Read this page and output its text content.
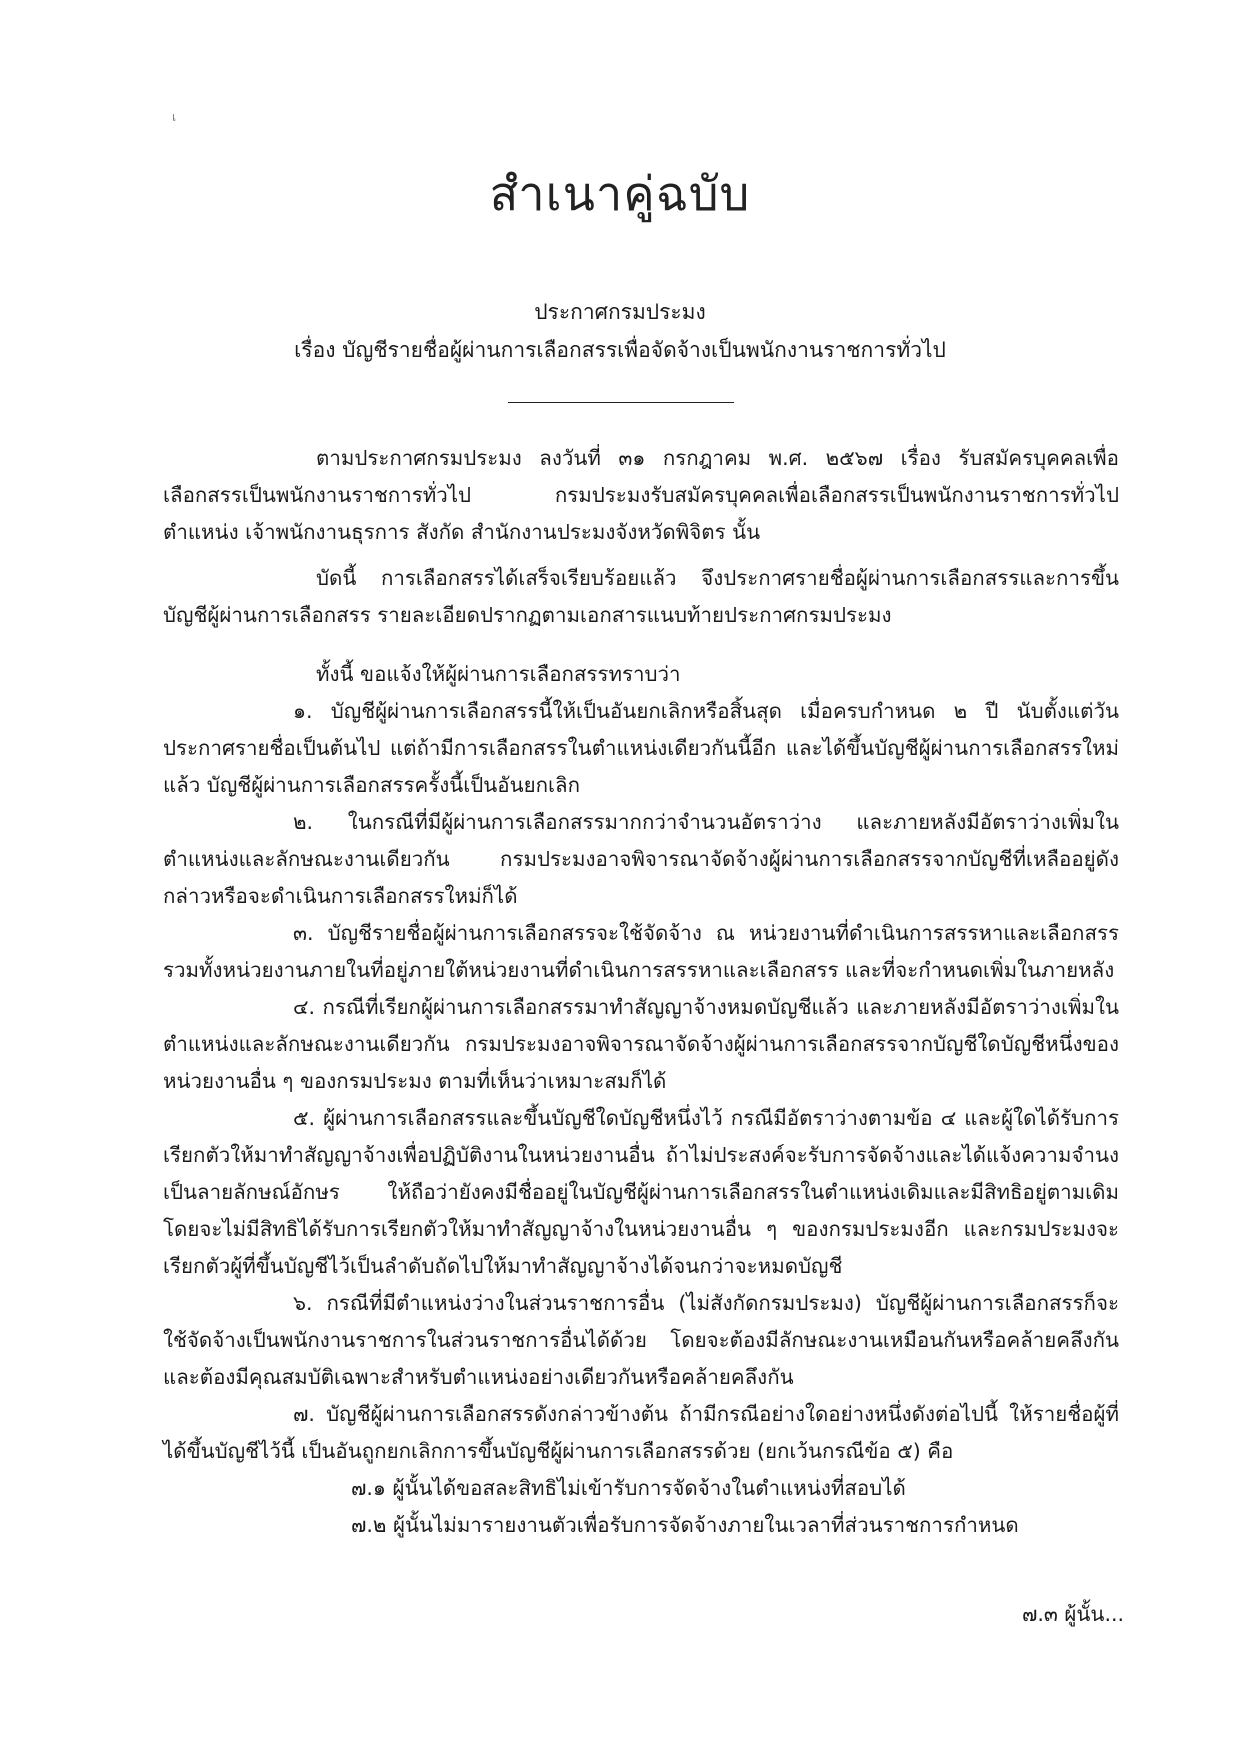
เ
สำเนาคู่ฉบับ
ประกาศกรมประมง
เรื่อง บัญชีรายชื่อผู้ผ่านการเลือกสรรเพื่อจัดจ้างเป็นพนักงานราชการทั่วไป

ตามประกาศกรมประมง ลงวันที่ ๓๑ กรกฎาคม พ.ศ. ๒๕๖๗ เรื่อง รับสมัครบุคคลเพื่อเลือกสรรเป็นพนักงานราชการทั่วไป กรมประมงรับสมัครบุคคลเพื่อเลือกสรรเป็นพนักงานราชการทั่วไป ตำแหน่ง เจ้าพนักงานธุรการ สังกัด สำนักงานประมงจังหวัดพิจิตร นั้น

บัดนี้ การเลือกสรรได้เสร็จเรียบร้อยแล้ว จึงประกาศรายชื่อผู้ผ่านการเลือกสรรและการขึ้นบัญชีผู้ผ่านการเลือกสรร รายละเอียดปรากฏตามเอกสารแนบท้ายประกาศกรมประมง

ทั้งนี้ ขอแจ้งให้ผู้ผ่านการเลือกสรรทราบว่า

๑. บัญชีผู้ผ่านการเลือกสรรนี้ให้เป็นอันยกเลิกหรือสิ้นสุด เมื่อครบกำหนด ๒ ปี นับตั้งแต่วันประกาศรายชื่อเป็นต้นไป แต่ถ้ามีการเลือกสรรในตำแหน่งเดียวกันนี้อีก และได้ขึ้นบัญชีผู้ผ่านการเลือกสรรใหม่แล้ว บัญชีผู้ผ่านการเลือกสรรครั้งนี้เป็นอันยกเลิก

๒. ในกรณีที่มีผู้ผ่านการเลือกสรรมากกว่าจำนวนอัตราว่าง และภายหลังมีอัตราว่างเพิ่มในตำแหน่งและลักษณะงานเดียวกัน กรมประมงอาจพิจารณาจัดจ้างผู้ผ่านการเลือกสรรจากบัญชีที่เหลืออยู่ดังกล่าวหรือจะดำเนินการเลือกสรรใหม่ก็ได้

๓. บัญชีรายชื่อผู้ผ่านการเลือกสรรจะใช้จัดจ้าง ณ หน่วยงานที่ดำเนินการสรรหาและเลือกสรร รวมทั้งหน่วยงานภายในที่อยู่ภายใต้หน่วยงานที่ดำเนินการสรรหาและเลือกสรร และที่จะกำหนดเพิ่มในภายหลัง

๔. กรณีที่เรียกผู้ผ่านการเลือกสรรมาทำสัญญาจ้างหมดบัญชีแล้ว และภายหลังมีอัตราว่างเพิ่มในตำแหน่งและลักษณะงานเดียวกัน กรมประมงอาจพิจารณาจัดจ้างผู้ผ่านการเลือกสรรจากบัญชีใดบัญชีหนึ่งของหน่วยงานอื่น ๆ ของกรมประมง ตามที่เห็นว่าเหมาะสมก็ได้

๕. ผู้ผ่านการเลือกสรรและขึ้นบัญชีใดบัญชีหนึ่งไว้ กรณีมีอัตราว่างตามข้อ ๔ และผู้ใดได้รับการเรียกตัวให้มาทำสัญญาจ้างเพื่อปฏิบัติงานในหน่วยงานอื่น ถ้าไม่ประสงค์จะรับการจัดจ้างและได้แจ้งความจำนงเป็นลายลักษณ์อักษร ให้ถือว่ายังคงมีชื่ออยู่ในบัญชีผู้ผ่านการเลือกสรรในตำแหน่งเดิมและมีสิทธิอยู่ตามเดิม โดยจะไม่มีสิทธิได้รับการเรียกตัวให้มาทำสัญญาจ้างในหน่วยงานอื่น ๆ ของกรมประมงอีก และกรมประมงจะเรียกตัวผู้ที่ขึ้นบัญชีไว้เป็นลำดับถัดไปให้มาทำสัญญาจ้างได้จนกว่าจะหมดบัญชี

๖. กรณีที่มีตำแหน่งว่างในส่วนราชการอื่น (ไม่สังกัดกรมประมง) บัญชีผู้ผ่านการเลือกสรรก็จะใช้จัดจ้างเป็นพนักงานราชการในส่วนราชการอื่นได้ด้วย โดยจะต้องมีลักษณะงานเหมือนกันหรือคล้ายคลึงกันและต้องมีคุณสมบัติเฉพาะสำหรับตำแหน่งอย่างเดียวกันหรือคล้ายคลึงกัน

๗. บัญชีผู้ผ่านการเลือกสรรดังกล่าวข้างต้น ถ้ามีกรณีอย่างใดอย่างหนึ่งดังต่อไปนี้ ให้รายชื่อผู้ที่ได้ขึ้นบัญชีไว้นี้ เป็นอันถูกยกเลิกการขึ้นบัญชีผู้ผ่านการเลือกสรรด้วย (ยกเว้นกรณีข้อ ๕) คือ

๗.๑ ผู้นั้นได้ขอสละสิทธิไม่เข้ารับการจัดจ้างในตำแหน่งที่สอบได้

๗.๒ ผู้นั้นไม่มารายงานตัวเพื่อรับการจัดจ้างภายในเวลาที่ส่วนราชการกำหนด

๗.๓ ผู้นั้น...
